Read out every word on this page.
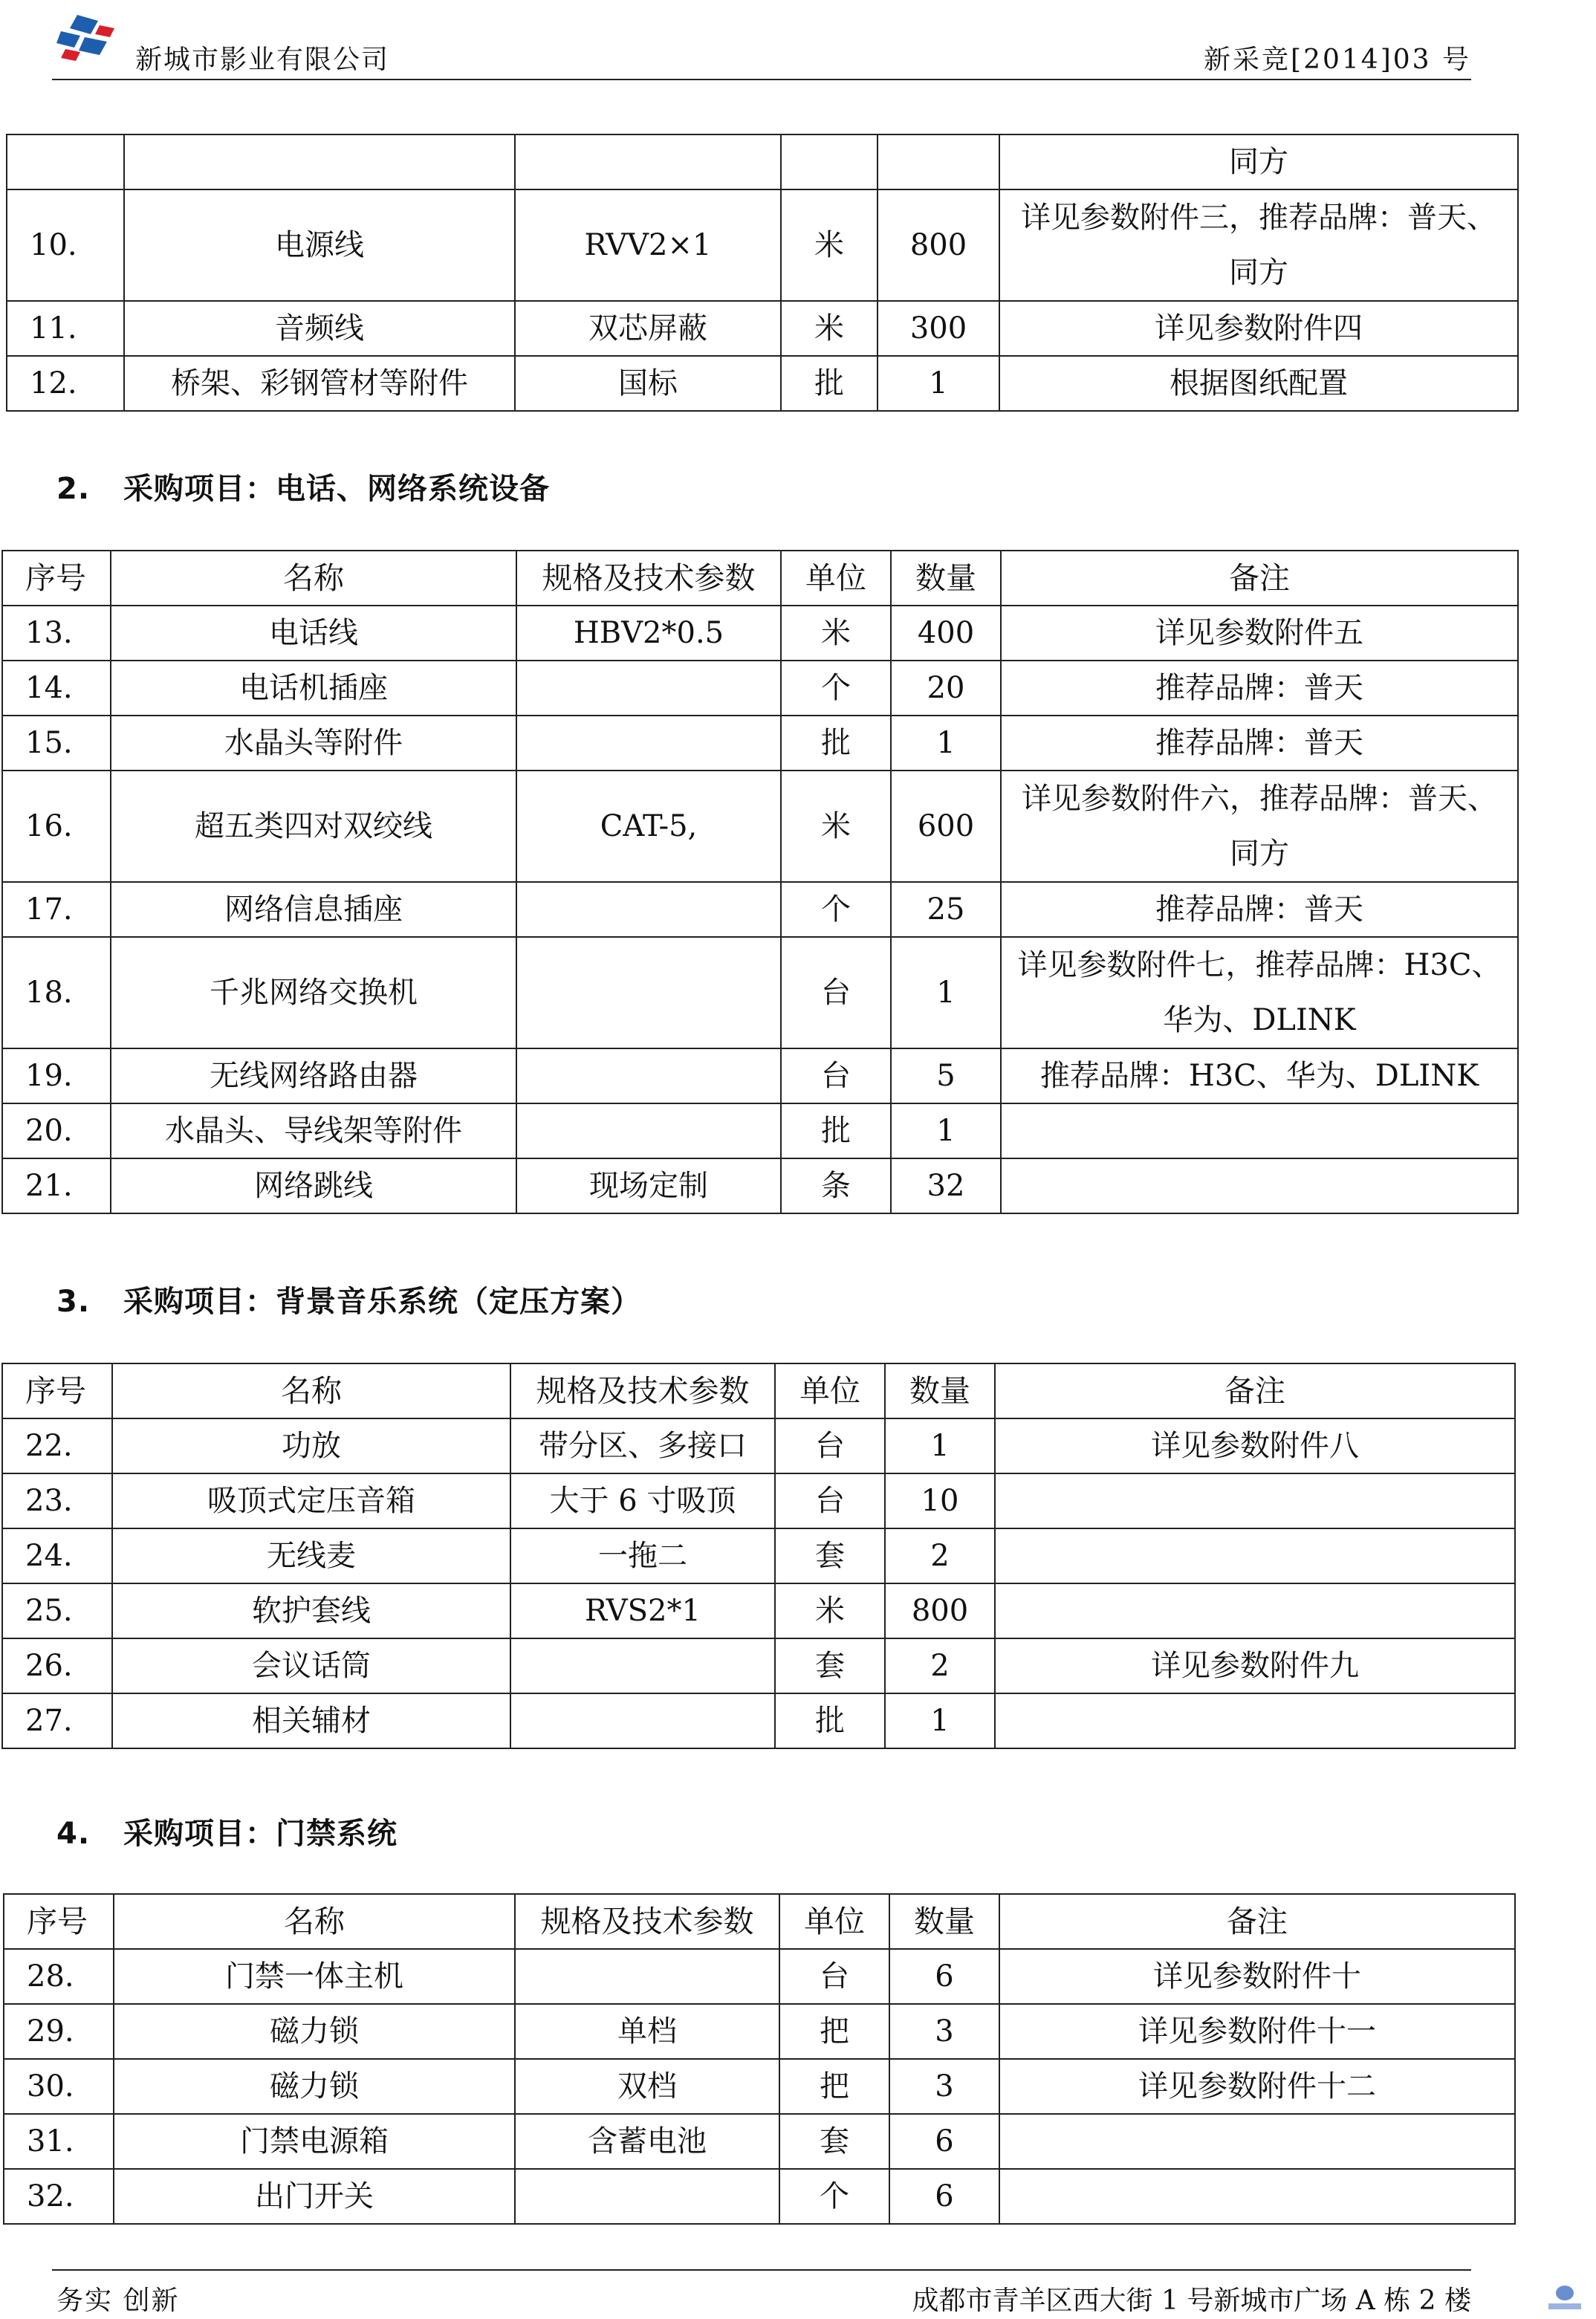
新城市影业有限公司	新采竞[2014]03 号

					同方

10.	电源线	RVV2×1	米	800	详见参数附件三，推荐品牌：普天、
同方

11.	音频线	双芯屏蔽	米	300	详见参数附件四

12.	桥架、彩钢管材等附件	国标	批	1	根据图纸配置
2. 采购项目：电话、网络系统设备
序号	名称	规格及技术参数	单位	数量	备注
13.	电话线	HBV2*0.5	米	400	详见参数附件五

14.	电话机插座		个	20	推荐品牌：普天

15.	水晶头等附件		批	1	推荐品牌：普天

16.	超五类四对双绞线	CAT-5,	米	600	详见参数附件六，推荐品牌：普天、
同方

17.	网络信息插座		个	25	推荐品牌：普天

18.	千兆网络交换机		台	1	详见参数附件七，推荐品牌：H3C、
华为、DLINK

19.	无线网络路由器		台	5	推荐品牌：H3C、华为、DLINK

20.	水晶头、导线架等附件		批	1	

21.	网络跳线	现场定制	条	32	
3. 采购项目：背景音乐系统（定压方案）
序号	名称	规格及技术参数	单位	数量	备注
22.	功放	带分区、多接口	台	1	详见参数附件八

23.	吸顶式定压音箱	大于 6 寸吸顶	台	10	

24.	无线麦	一拖二	套	2	

25.	软护套线	RVS2*1	米	800	

26.	会议话筒		套	2	详见参数附件九

27.	相关辅材		批	1	
4. 采购项目：门禁系统
序号	名称	规格及技术参数	单位	数量	备注
28.	门禁一体主机		台	6	详见参数附件十

29.	磁力锁	单档	把	3	详见参数附件十一

30.	磁力锁	双档	把	3	详见参数附件十二

31.	门禁电源箱	含蓄电池	套	6	

32.	出门开关		个	6	
务实 创新	成都市青羊区西大街 1 号新城市广场 A 栋 2 楼
